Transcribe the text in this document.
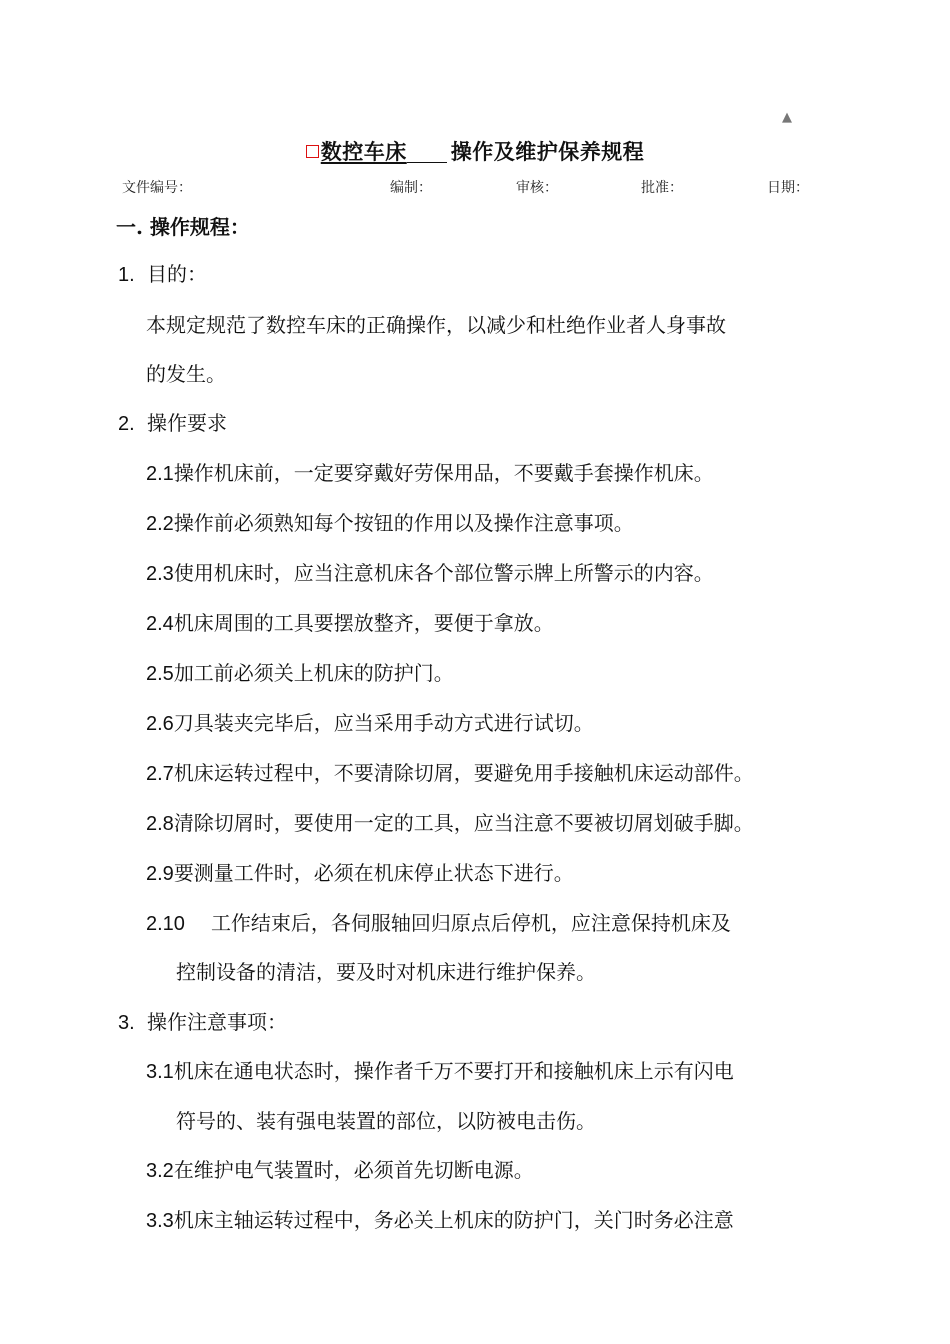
▲
数控车床 操作及维护保养规程
文件编号：	编制：	审核：	批准：	日期：
一. 操作规程：
1. 目的：
本规定规范了数控车床的正确操作，以减少和杜绝作业者人身事故
的发生。
2. 操作要求
2.1操作机床前，一定要穿戴好劳保用品，不要戴手套操作机床。
2.2操作前必须熟知每个按钮的作用以及操作注意事项。
2.3使用机床时，应当注意机床各个部位警示牌上所警示的内容。
2.4机床周围的工具要摆放整齐，要便于拿放。
2.5加工前必须关上机床的防护门。
2.6刀具装夹完毕后，应当采用手动方式进行试切。
2.7机床运转过程中，不要清除切屑，要避免用手接触机床运动部件。
2.8清除切屑时，要使用一定的工具，应当注意不要被切屑划破手脚。
2.9要测量工件时，必须在机床停止状态下进行。
2.10 工作结束后，各伺服轴回归原点后停机，应注意保持机床及
控制设备的清洁，要及时对机床进行维护保养。
3. 操作注意事项：
3.1机床在通电状态时，操作者千万不要打开和接触机床上示有闪电
符号的、装有强电装置的部位，以防被电击伤。
3.2在维护电气装置时，必须首先切断电源。
3.3机床主轴运转过程中，务必关上机床的防护门，关门时务必注意
